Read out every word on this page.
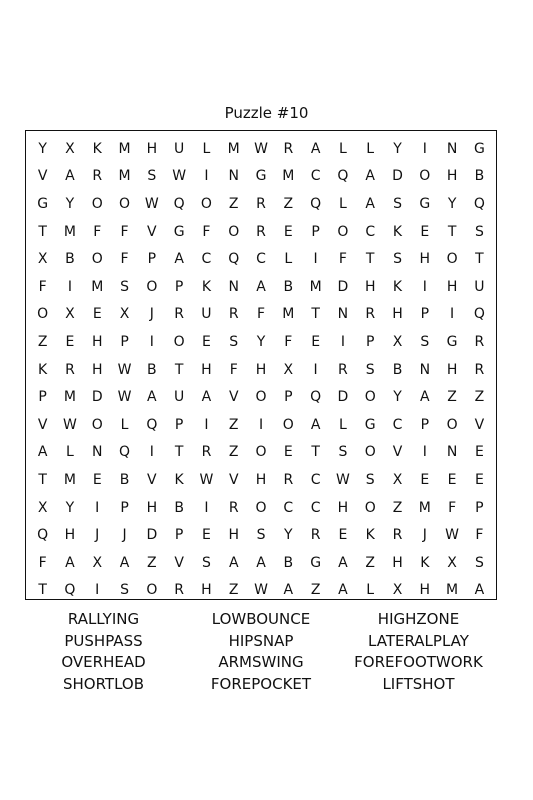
Puzzle #10
Y	X	K	M	H	U	L	M	W	R	A	L	L	Y	I	N	G
V	A	R	M	S	W	I	N	G	M	C	Q	A	D	O	H	B
G	Y	O	O	W	Q	O	Z	R	Z	Q	L	A	S	G	Y	Q
T	M	F	F	V	G	F	O	R	E	P	O	C	K	E	T	S
X	B	O	F	P	A	C	Q	C	L	I	F	T	S	H	O	T
F	I	M	S	O	P	K	N	A	B	M	D	H	K	I	H	U
O	X	E	X	J	R	U	R	F	M	T	N	R	H	P	I	Q
Z	E	H	P	I	O	E	S	Y	F	E	I	P	X	S	G	R
K	R	H	W	B	T	H	F	H	X	I	R	S	B	N	H	R
P	M	D	W	A	U	A	V	O	P	Q	D	O	Y	A	Z	Z
V	W	O	L	Q	P	I	Z	I	O	A	L	G	C	P	O	V
A	L	N	Q	I	T	R	Z	O	E	T	S	O	V	I	N	E
T	M	E	B	V	K	W	V	H	R	C	W	S	X	E	E	E
X	Y	I	P	H	B	I	R	O	C	C	H	O	Z	M	F	P
Q	H	J	J	D	P	E	H	S	Y	R	E	K	R	J	W	F
F	A	X	A	Z	V	S	A	A	B	G	A	Z	H	K	X	S
T	Q	I	S	O	R	H	Z	W	A	Z	A	L	X	H	M	A
RALLYING
PUSHPASS
OVERHEAD
SHORTLOB
LOWBOUNCE
HIPSNAP
ARMSWING
FOREPOCKET
HIGHZONE
LATERALPLAY
FOREFOOTWORK
LIFTSHOT
